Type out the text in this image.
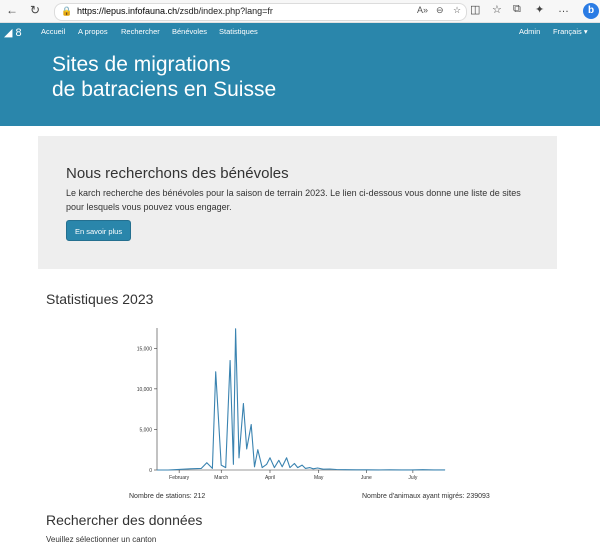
← ↻ 🔒 https://lepus.infofauna.ch/zsdb/index.php?lang=fr	A» ⊖ ☆ ◫ ☆ ⧉ ✦ …	b
◢ 8	Accueil A propos Rechercher Bénévoles Statistiques	Admin Français ▾
Sites de migrations
de batraciens en Suisse
Nous recherchons des bénévoles

Le karch recherche des bénévoles pour la saison de terrain 2023. Le lien ci-dessous vous donne une liste de sites pour lesquels vous pouvez vous engager.

En savoir plus
Statistiques 2023
0
5,000
10,000
15,000
February	March	April	May	June	July
Nombre de stations: 212	Nombre d'animaux ayant migrés: 239093
Rechercher des données
Veuillez sélectionner un canton
